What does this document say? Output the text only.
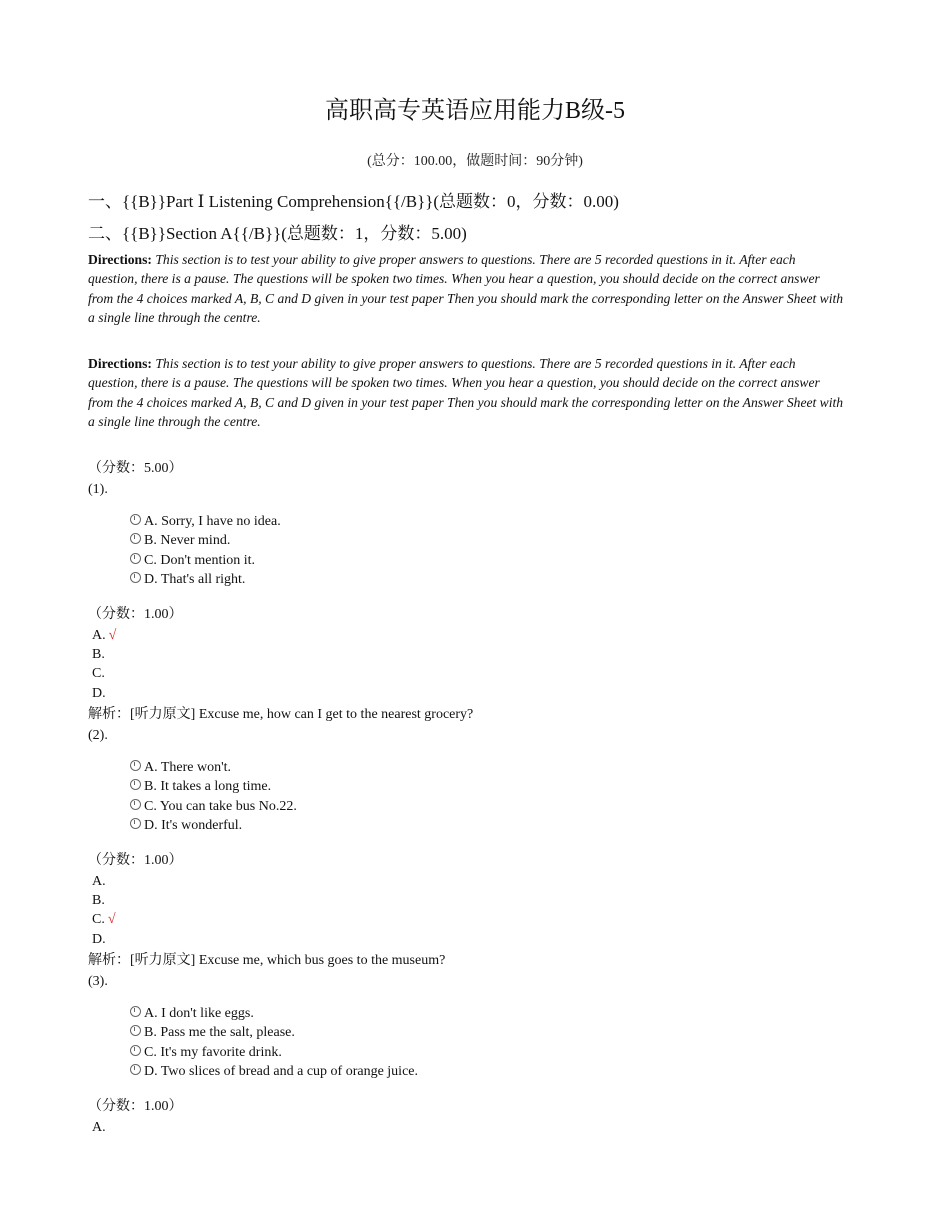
高职高专英语应用能力B级-5
(总分：100.00，做题时间：90分钟)
一、{{B}}Part Ⅰ Listening Comprehension{{/B}}(总题数：0，分数：0.00)
二、{{B}}Section A{{/B}}(总题数：1，分数：5.00)
Directions: This section is to test your ability to give proper answers to questions. There are 5 recorded questions in it. After each question, there is a pause. The questions will be spoken two times. When you hear a question, you should decide on the correct answer from the 4 choices marked A, B, C and D given in your test paper Then you should mark the corresponding letter on the Answer Sheet with a single line through the centre.
Directions: This section is to test your ability to give proper answers to questions. There are 5 recorded questions in it. After each question, there is a pause. The questions will be spoken two times. When you hear a question, you should decide on the correct answer from the 4 choices marked A, B, C and D given in your test paper Then you should mark the corresponding letter on the Answer Sheet with a single line through the centre.
（分数：5.00）
(1).
A. Sorry, I have no idea.
B. Never mind.
C. Don't mention it.
D. That's all right.
（分数：1.00）
A. √
B.
C.
D.
解析：[听力原文] Excuse me, how can I get to the nearest grocery?
(2).
A. There won't.
B. It takes a long time.
C. You can take bus No.22.
D. It's wonderful.
（分数：1.00）
A.
B.
C. √
D.
解析：[听力原文] Excuse me, which bus goes to the museum?
(3).
A. I don't like eggs.
B. Pass me the salt, please.
C. It's my favorite drink.
D. Two slices of bread and a cup of orange juice.
（分数：1.00）
A.
